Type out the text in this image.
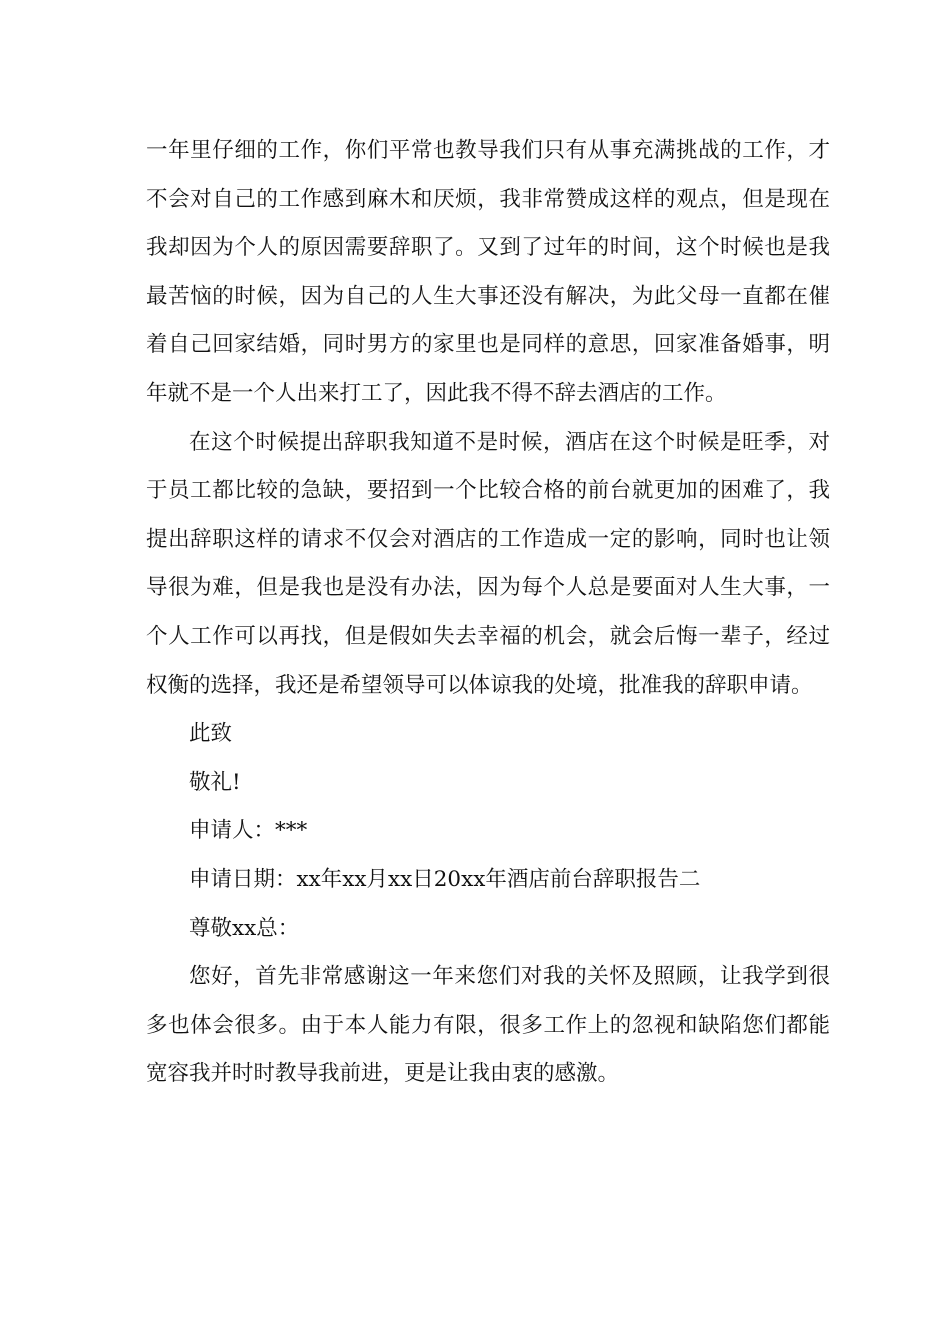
一年里仔细的工作，你们平常也教导我们只有从事充满挑战的工作，才不会对自己的工作感到麻木和厌烦，我非常赞成这样的观点，但是现在我却因为个人的原因需要辞职了。又到了过年的时间，这个时候也是我最苦恼的时候，因为自己的人生大事还没有解决，为此父母一直都在催着自己回家结婚，同时男方的家里也是同样的意思，回家准备婚事，明年就不是一个人出来打工了，因此我不得不辞去酒店的工作。

在这个时候提出辞职我知道不是时候，酒店在这个时候是旺季，对于员工都比较的急缺，要招到一个比较合格的前台就更加的困难了，我提出辞职这样的请求不仅会对酒店的工作造成一定的影响，同时也让领导很为难，但是我也是没有办法，因为每个人总是要面对人生大事，一个人工作可以再找，但是假如失去幸福的机会，就会后悔一辈子，经过权衡的选择，我还是希望领导可以体谅我的处境，批准我的辞职申请。

此致

敬礼!

申请人：***

申请日期：xx年xx月xx日20xx年酒店前台辞职报告二

尊敬xx总：

您好，首先非常感谢这一年来您们对我的关怀及照顾，让我学到很多也体会很多。由于本人能力有限，很多工作上的忽视和缺陷您们都能宽容我并时时教导我前进，更是让我由衷的感激。
